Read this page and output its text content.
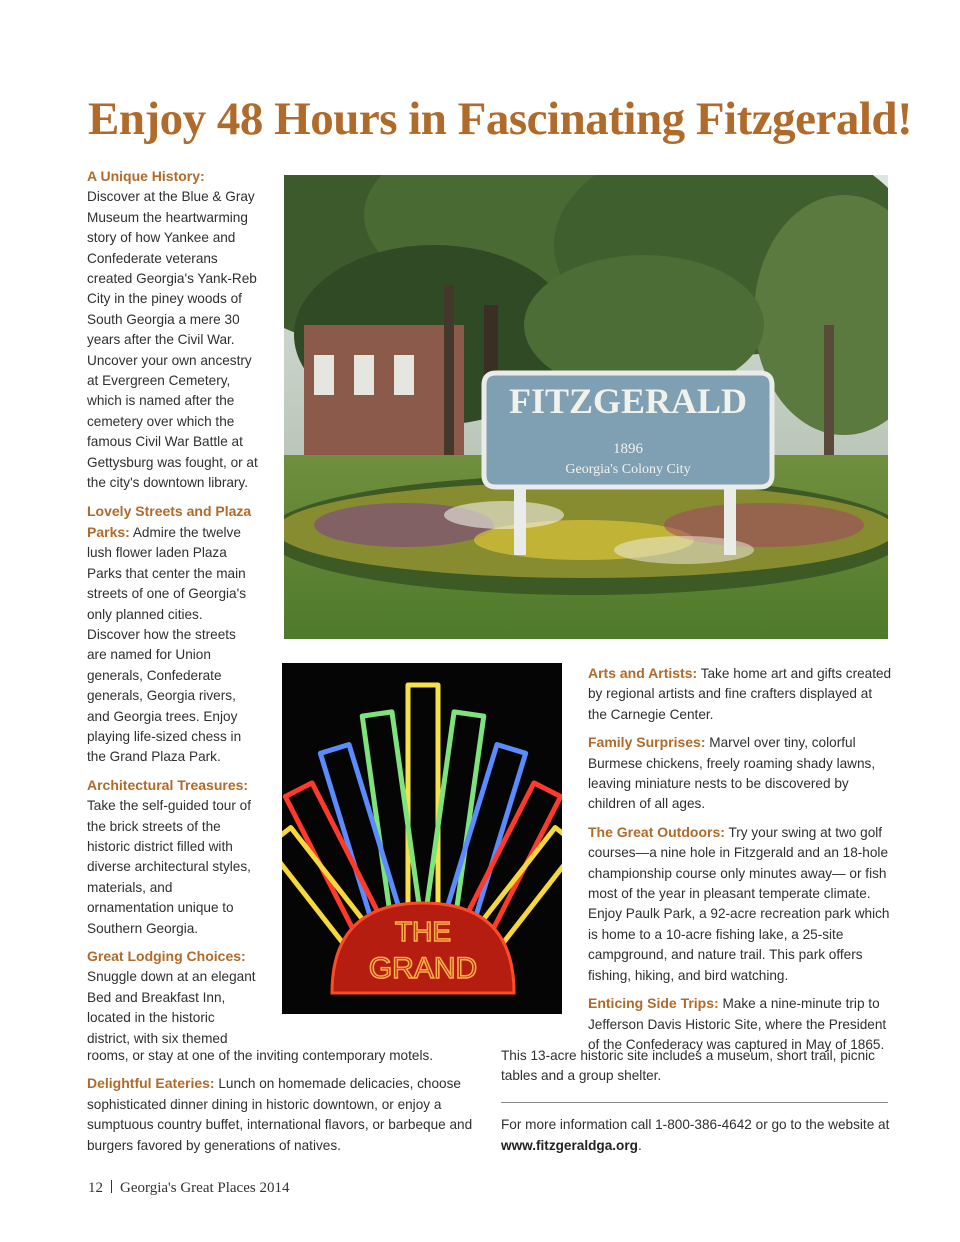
Enjoy 48 Hours in Fascinating Fitzgerald!

A Unique History:
Discover at the Blue & Gray Museum the heartwarming story of how Yankee and Confederate veterans created Georgia's Yank-Reb City in the piney woods of South Georgia a mere 30 years after the Civil War. Uncover your own ancestry at Evergreen Cemetery, which is named after the cemetery over which the famous Civil War Battle at Gettysburg was fought, or at the city's downtown library.

Lovely Streets and Plaza Parks: Admire the twelve lush flower laden Plaza Parks that center the main streets of one of Georgia's only planned cities. Discover how the streets are named for Union generals, Confederate generals, Georgia rivers, and Georgia trees. Enjoy playing life-sized chess in the Grand Plaza Park.

Architectural Treasures:
Take the self-guided tour of the brick streets of the historic district filled with diverse architectural styles, materials, and ornamentation unique to Southern Georgia.

Great Lodging Choices:
Snuggle down at an elegant Bed and Breakfast Inn, located in the historic district, with six themed

rooms, or stay at one of the inviting contemporary motels.

Delightful Eateries: Lunch on homemade delicacies, choose sophisticated dinner dining in historic downtown, or enjoy a sumptuous country buffet, international flavors, or barbeque and burgers favored by generations of natives.

FITZGERALD
1896
Georgia's Colony City
THE
GRAND

Arts and Artists: Take home art and gifts created by regional artists and fine crafters displayed at the Carnegie Center.

Family Surprises: Marvel over tiny, colorful Burmese chickens, freely roaming shady lawns, leaving miniature nests to be discovered by children of all ages.

The Great Outdoors: Try your swing at two golf courses—a nine hole in Fitzgerald and an 18-hole championship course only minutes away— or fish most of the year in pleasant temperate climate. Enjoy Paulk Park, a 92-acre recreation park which is home to a 10-acre fishing lake, a 25-site campground, and nature trail. This park offers fishing, hiking, and bird watching.

Enticing Side Trips: Make a nine-minute trip to Jefferson Davis Historic Site, where the President of the Confederacy was captured in May of 1865.

This 13-acre historic site includes a museum, short trail, picnic tables and a group shelter.

For more information call 1-800-386-4642 or go to the website at www.fitzgeraldga.org.
12 Georgia's Great Places 2014
